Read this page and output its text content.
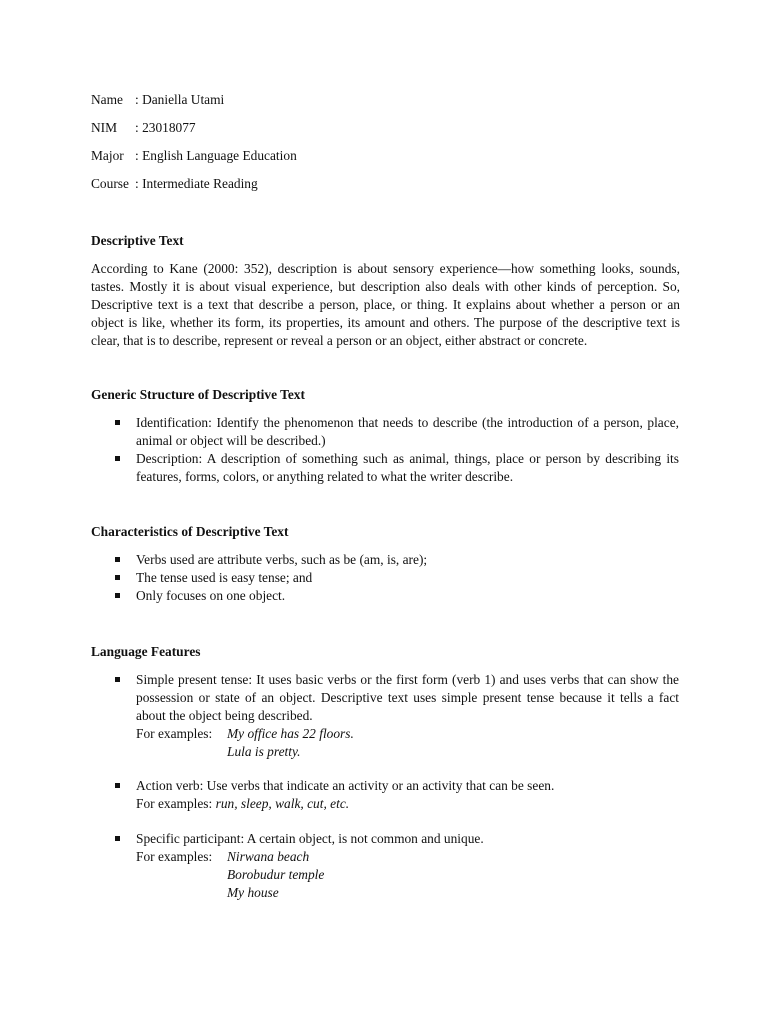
Name : Daniella Utami
NIM : 23018077
Major : English Language Education
Course : Intermediate Reading
Descriptive Text

According to Kane (2000: 352), description is about sensory experience—how something looks, sounds, tastes. Mostly it is about visual experience, but description also deals with other kinds of perception. So, Descriptive text is a text that describe a person, place, or thing. It explains about whether a person or an object is like, whether its form, its properties, its amount and others. The purpose of the descriptive text is clear, that is to describe, represent or reveal a person or an object, either abstract or concrete.

Generic Structure of Descriptive Text

Identification: Identify the phenomenon that needs to describe (the introduction of a person, place, animal or object will be described.)

Description: A description of something such as animal, things, place or person by describing its features, forms, colors, or anything related to what the writer describe.

Characteristics of Descriptive Text

Verbs used are attribute verbs, such as be (am, is, are);

The tense used is easy tense; and

Only focuses on one object.

Language Features

Simple present tense: It uses basic verbs or the first form (verb 1) and uses verbs that can show the possession or state of an object. Descriptive text uses simple present tense because it tells a fact about the object being described.

For examples: My office has 22 floors.
Lula is pretty.

Action verb: Use verbs that indicate an activity or an activity that can be seen.

For examples: run, sleep, walk, cut, etc.

Specific participant: A certain object, is not common and unique.

For examples: Nirwana beach
Borobudur temple
My house
